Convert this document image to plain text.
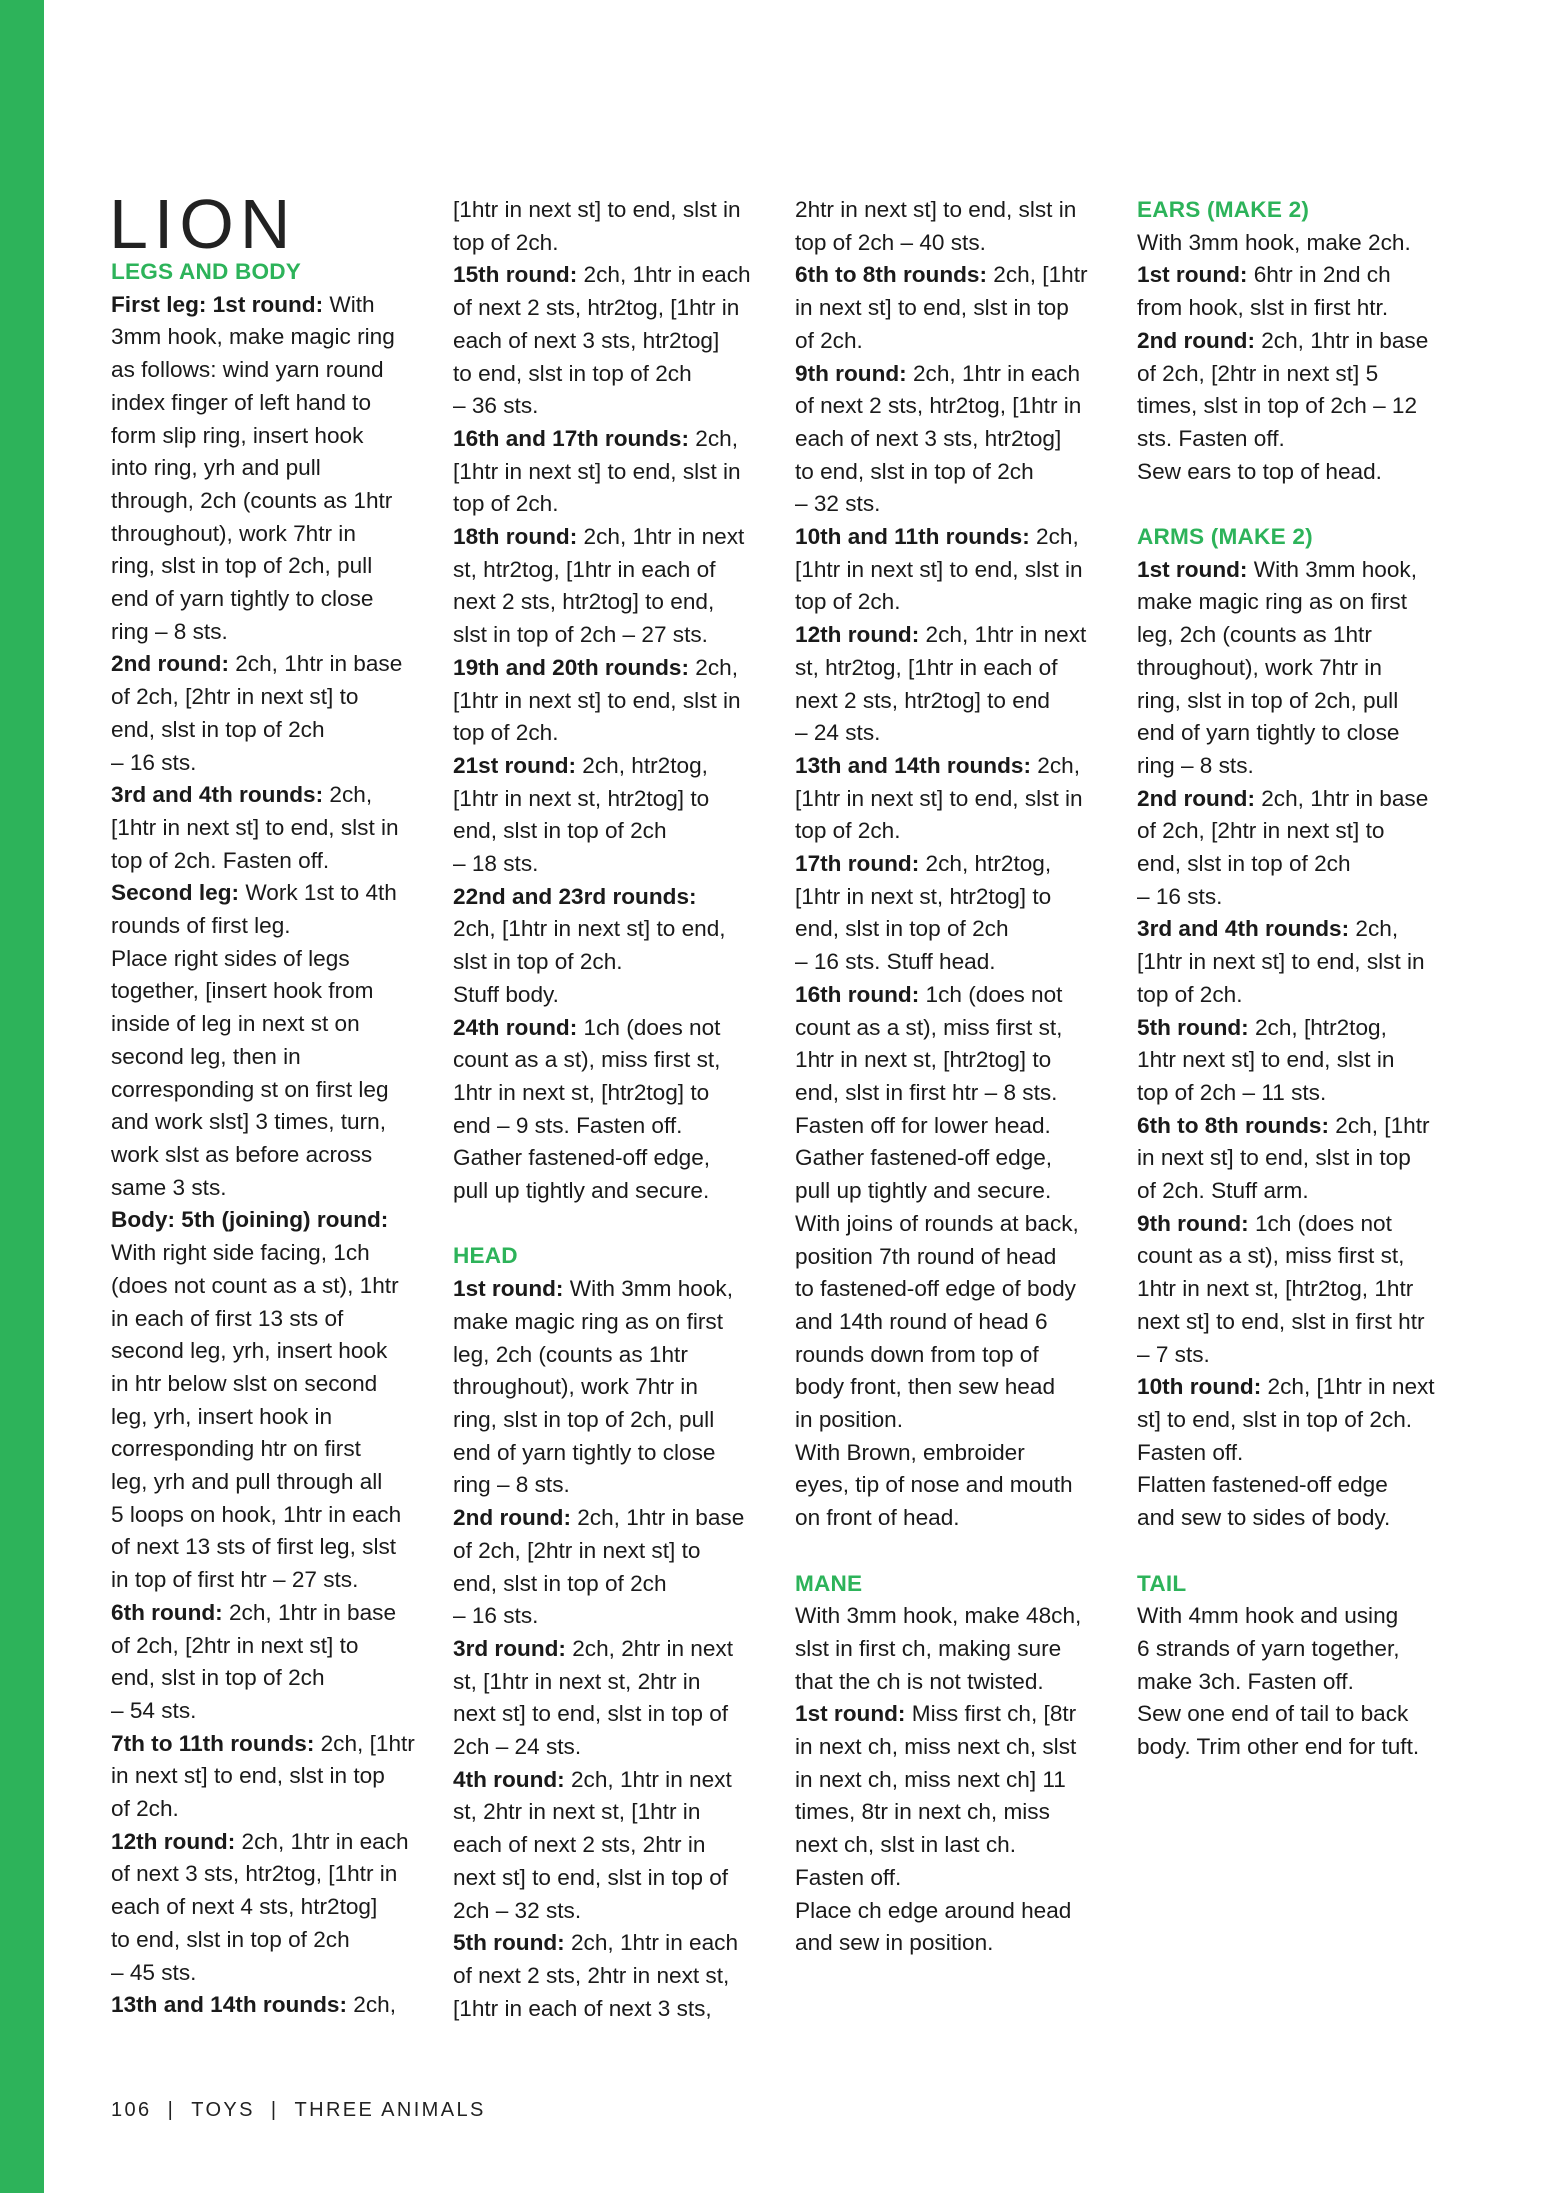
LION

LEGS AND BODY

First leg: 1st round: With

3mm hook, make magic ring

as follows: wind yarn round

index finger of left hand to

form slip ring, insert hook

into ring, yrh and pull

through, 2ch (counts as 1htr

throughout), work 7htr in

ring, slst in top of 2ch, pull

end of yarn tightly to close

ring – 8 sts.

2nd round: 2ch, 1htr in base

of 2ch, [2htr in next st] to

end, slst in top of 2ch

– 16 sts.

3rd and 4th rounds: 2ch,

[1htr in next st] to end, slst in

top of 2ch. Fasten off.

Second leg: Work 1st to 4th

rounds of first leg.

Place right sides of legs

together, [insert hook from

inside of leg in next st on

second leg, then in

corresponding st on first leg

and work slst] 3 times, turn,

work slst as before across

same 3 sts.

Body: 5th (joining) round:

With right side facing, 1ch

(does not count as a st), 1htr

in each of first 13 sts of

second leg, yrh, insert hook

in htr below slst on second

leg, yrh, insert hook in

corresponding htr on first

leg, yrh and pull through all

5 loops on hook, 1htr in each

of next 13 sts of first leg, slst

in top of first htr – 27 sts.

6th round: 2ch, 1htr in base

of 2ch, [2htr in next st] to

end, slst in top of 2ch

– 54 sts.

7th to 11th rounds: 2ch, [1htr

in next st] to end, slst in top

of 2ch.

12th round: 2ch, 1htr in each

of next 3 sts, htr2tog, [1htr in

each of next 4 sts, htr2tog]

to end, slst in top of 2ch

– 45 sts.

13th and 14th rounds: 2ch,

[1htr in next st] to end, slst in

top of 2ch.

15th round: 2ch, 1htr in each

of next 2 sts, htr2tog, [1htr in

each of next 3 sts, htr2tog]

to end, slst in top of 2ch

– 36 sts.

16th and 17th rounds: 2ch,

[1htr in next st] to end, slst in

top of 2ch.

18th round: 2ch, 1htr in next

st, htr2tog, [1htr in each of

next 2 sts, htr2tog] to end,

slst in top of 2ch – 27 sts.

19th and 20th rounds: 2ch,

[1htr in next st] to end, slst in

top of 2ch.

21st round: 2ch, htr2tog,

[1htr in next st, htr2tog] to

end, slst in top of 2ch

– 18 sts.

22nd and 23rd rounds:

2ch, [1htr in next st] to end,

slst in top of 2ch.

Stuff body.

24th round: 1ch (does not

count as a st), miss first st,

1htr in next st, [htr2tog] to

end – 9 sts. Fasten off.

Gather fastened-off edge,

pull up tightly and secure.

HEAD

1st round: With 3mm hook,

make magic ring as on first

leg, 2ch (counts as 1htr

throughout), work 7htr in

ring, slst in top of 2ch, pull

end of yarn tightly to close

ring – 8 sts.

2nd round: 2ch, 1htr in base

of 2ch, [2htr in next st] to

end, slst in top of 2ch

– 16 sts.

3rd round: 2ch, 2htr in next

st, [1htr in next st, 2htr in

next st] to end, slst in top of

2ch – 24 sts.

4th round: 2ch, 1htr in next

st, 2htr in next st, [1htr in

each of next 2 sts, 2htr in

next st] to end, slst in top of

2ch – 32 sts.

5th round: 2ch, 1htr in each

of next 2 sts, 2htr in next st,

[1htr in each of next 3 sts,

2htr in next st] to end, slst in

top of 2ch – 40 sts.

6th to 8th rounds: 2ch, [1htr

in next st] to end, slst in top

of 2ch.

9th round: 2ch, 1htr in each

of next 2 sts, htr2tog, [1htr in

each of next 3 sts, htr2tog]

to end, slst in top of 2ch

– 32 sts.

10th and 11th rounds: 2ch,

[1htr in next st] to end, slst in

top of 2ch.

12th round: 2ch, 1htr in next

st, htr2tog, [1htr in each of

next 2 sts, htr2tog] to end

– 24 sts.

13th and 14th rounds: 2ch,

[1htr in next st] to end, slst in

top of 2ch.

17th round: 2ch, htr2tog,

[1htr in next st, htr2tog] to

end, slst in top of 2ch

– 16 sts. Stuff head.

16th round: 1ch (does not

count as a st), miss first st,

1htr in next st, [htr2tog] to

end, slst in first htr – 8 sts.

Fasten off for lower head.

Gather fastened-off edge,

pull up tightly and secure.

With joins of rounds at back,

position 7th round of head

to fastened-off edge of body

and 14th round of head 6

rounds down from top of

body front, then sew head

in position.

With Brown, embroider

eyes, tip of nose and mouth

on front of head.

MANE

With 3mm hook, make 48ch,

slst in first ch, making sure

that the ch is not twisted.

1st round: Miss first ch, [8tr

in next ch, miss next ch, slst

in next ch, miss next ch] 11

times, 8tr in next ch, miss

next ch, slst in last ch.

Fasten off.

Place ch edge around head

and sew in position.

EARS (MAKE 2)

With 3mm hook, make 2ch.

1st round: 6htr in 2nd ch

from hook, slst in first htr.

2nd round: 2ch, 1htr in base

of 2ch, [2htr in next st] 5

times, slst in top of 2ch – 12

sts. Fasten off.

Sew ears to top of head.

ARMS (MAKE 2)

1st round: With 3mm hook,

make magic ring as on first

leg, 2ch (counts as 1htr

throughout), work 7htr in

ring, slst in top of 2ch, pull

end of yarn tightly to close

ring – 8 sts.

2nd round: 2ch, 1htr in base

of 2ch, [2htr in next st] to

end, slst in top of 2ch

– 16 sts.

3rd and 4th rounds: 2ch,

[1htr in next st] to end, slst in

top of 2ch.

5th round: 2ch, [htr2tog,

1htr next st] to end, slst in

top of 2ch – 11 sts.

6th to 8th rounds: 2ch, [1htr

in next st] to end, slst in top

of 2ch. Stuff arm.

9th round: 1ch (does not

count as a st), miss first st,

1htr in next st, [htr2tog, 1htr

next st] to end, slst in first htr

– 7 sts.

10th round: 2ch, [1htr in next

st] to end, slst in top of 2ch.

Fasten off.

Flatten fastened-off edge

and sew to sides of body.

TAIL

With 4mm hook and using

6 strands of yarn together,

make 3ch. Fasten off.

Sew one end of tail to back

body. Trim other end for tuft.

106 | TOYS | THREE ANIMALS
